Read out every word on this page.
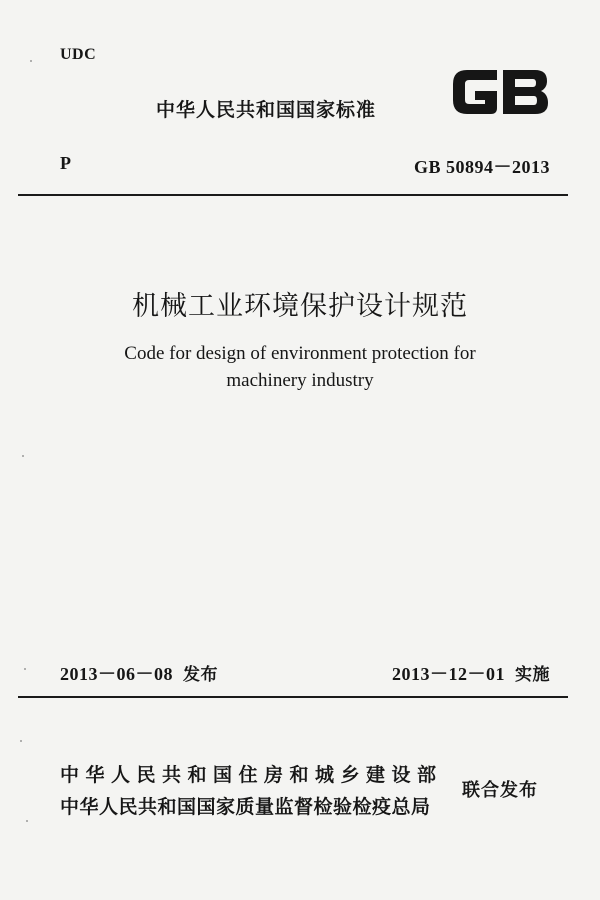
UDC
中华人民共和国国家标准
P	GB 50894－2013
机械工业环境保护设计规范
Code for design of environment protection for
machinery industry
2013－06－08 发布	2013－12－01 实施
中华人民共和国住房和城乡建设部
中华人民共和国国家质量监督检验检疫总局
联合发布
